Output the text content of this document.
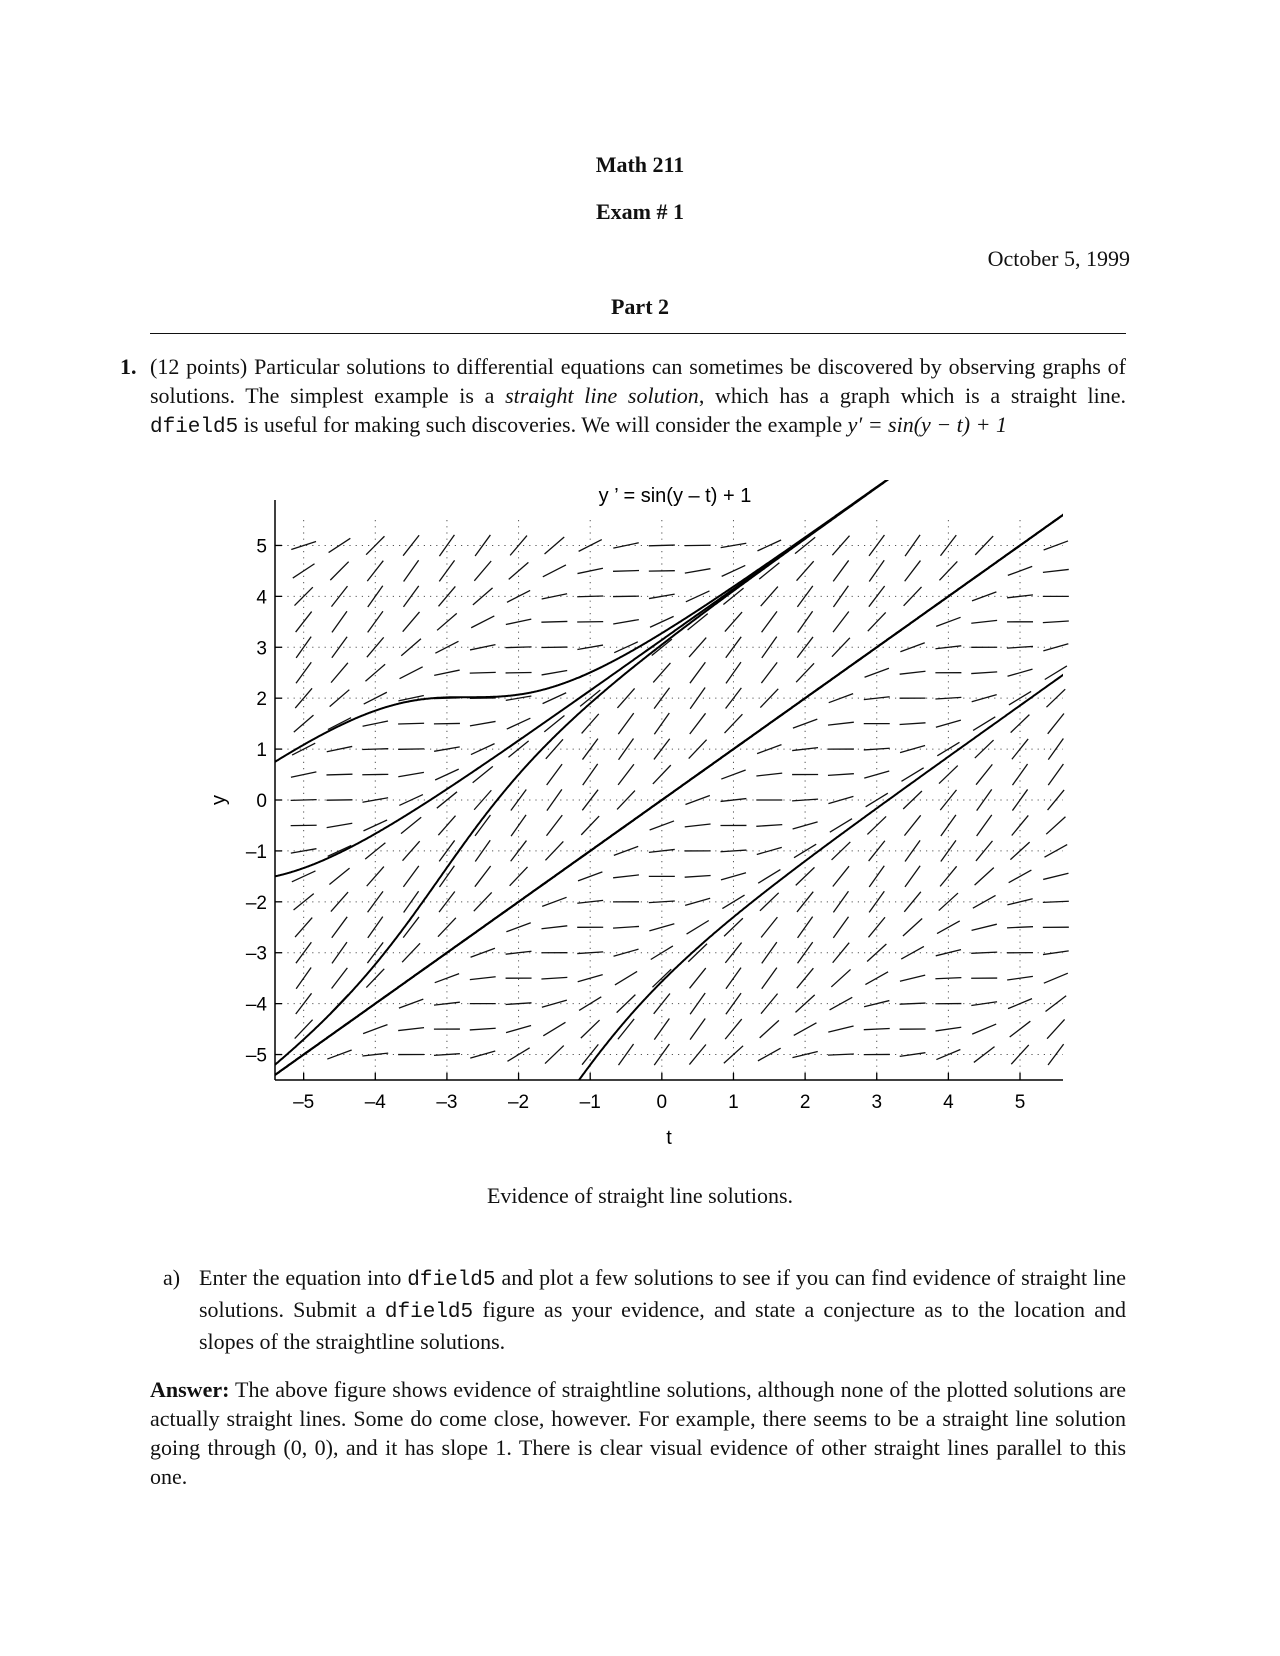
Math 211
Exam # 1
October 5, 1999
Part 2
1. (12 points) Particular solutions to differential equations can sometimes be discovered by observing graphs of solutions. The simplest example is a straight line solution, which has a graph which is a straight line. dfield5 is useful for making such discoveries. We will consider the example y′ = sin(y − t) + 1
y ’ = sin(y – t) + 1
–5	–4	–3	–2	–1	0	1	2	3	4	5
5
4
3
2
1
0
–1
–2
–3
–4
–5
t
y
Evidence of straight line solutions.
a) Enter the equation into dfield5 and plot a few solutions to see if you can find evidence of straight line solutions. Submit a dfield5 figure as your evidence, and state a conjecture as to the location and slopes of the straightline solutions.
Answer: The above figure shows evidence of straightline solutions, although none of the plotted solutions are actually straight lines. Some do come close, however. For example, there seems to be a straight line solution going through (0, 0), and it has slope 1. There is clear visual evidence of other straight lines parallel to this one.
